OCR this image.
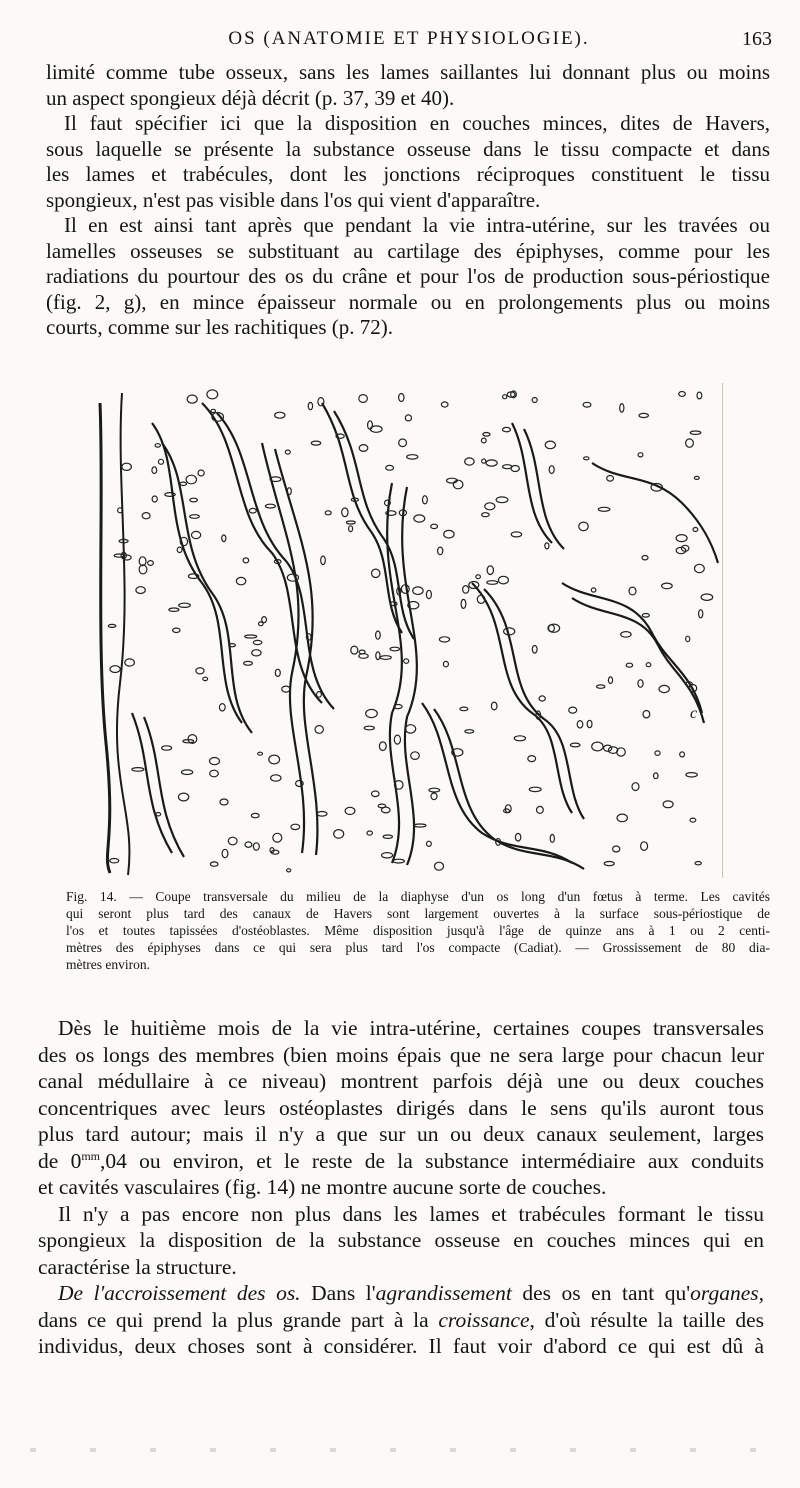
OS (ANATOMIE ET PHYSIOLOGIE).	163
limité comme tube osseux, sans les lames saillantes lui donnant plus ou moins
un aspect spongieux déjà décrit (p. 37, 39 et 40).
Il faut spécifier ici que la disposition en couches minces, dites de Havers,
sous laquelle se présente la substance osseuse dans le tissu compacte et dans
les lames et trabécules, dont les jonctions réciproques constituent le tissu
spongieux, n'est pas visible dans l'os qui vient d'apparaître.
Il en est ainsi tant après que pendant la vie intra-utérine, sur les travées ou
lamelles osseuses se substituant au cartilage des épiphyses, comme pour les
radiations du pourtour des os du crâne et pour l'os de production sous-périostique
(fig. 2, g), en mince épaisseur normale ou en prolongements plus ou moins
courts, comme sur les rachitiques (p. 72).
c
Fig. 14. — Coupe transversale du milieu de la diaphyse d'un os long d'un fœtus à terme. Les cavités
qui seront plus tard des canaux de Havers sont largement ouvertes à la surface sous-périostique de
l'os et toutes tapissées d'ostéoblastes. Même disposition jusqu'à l'âge de quinze ans à 1 ou 2 centi-
mètres des épiphyses dans ce qui sera plus tard l'os compacte (Cadiat). — Grossissement de 80 dia-
mètres environ.
Dès le huitième mois de la vie intra-utérine, certaines coupes transversales
des os longs des membres (bien moins épais que ne sera large pour chacun leur
canal médullaire à ce niveau) montrent parfois déjà une ou deux couches
concentriques avec leurs ostéoplastes dirigés dans le sens qu'ils auront tous
plus tard autour; mais il n'y a que sur un ou deux canaux seulement, larges
de $0^{mm},04$ ou environ, et le reste de la substance intermédiaire aux conduits
et cavités vasculaires (fig. 14) ne montre aucune sorte de couches.
Il n'y a pas encore non plus dans les lames et trabécules formant le tissu
spongieux la disposition de la substance osseuse en couches minces qui en
caractérise la structure.
De l'accroissement des os. Dans l'agrandissement des os en tant qu'organes,
dans ce qui prend la plus grande part à la croissance, d'où résulte la taille des
individus, deux choses sont à considérer. Il faut voir d'abord ce qui est dû à
